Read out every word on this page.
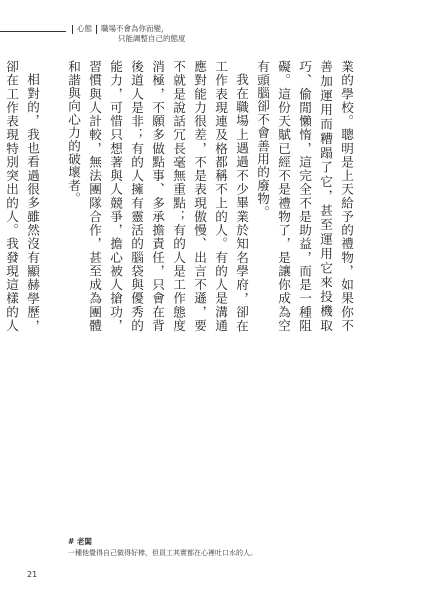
心態 職場不會為你而變，
只能調整自己的態度

業的學校。聰明是上天給予的禮物，如果你不善加運用而糟蹋了它，甚至運用它來投機取巧、偷閒懶惰，這完全不是助益，而是一種阻礙。這份天賦已經不是禮物了，是讓你成為空有頭腦卻不會善用的廢物。

我在職場上遇過不少畢業於知名學府，卻在工作表現連及格都稱不上的人。有的人是溝通應對能力很差，不是表現傲慢、出言不遜，要不就是說話冗長毫無重點；有的人是工作態度消極，不願多做點事、多承擔責任，只會在背後道人是非；有的人擁有靈活的腦袋與優秀的能力，可惜只想著與人競爭，擔心被人搶功，習慣與人計較，無法團隊合作，甚至成為團體和諧與向心力的破壞者。

相對的，我也看過很多雖然沒有顯赫學歷，卻在工作表現特別突出的人。我發現這樣的人

# 老闆
一種他覺得自己做得好棒，但員工其實都在心裡吐口水的人。
21
